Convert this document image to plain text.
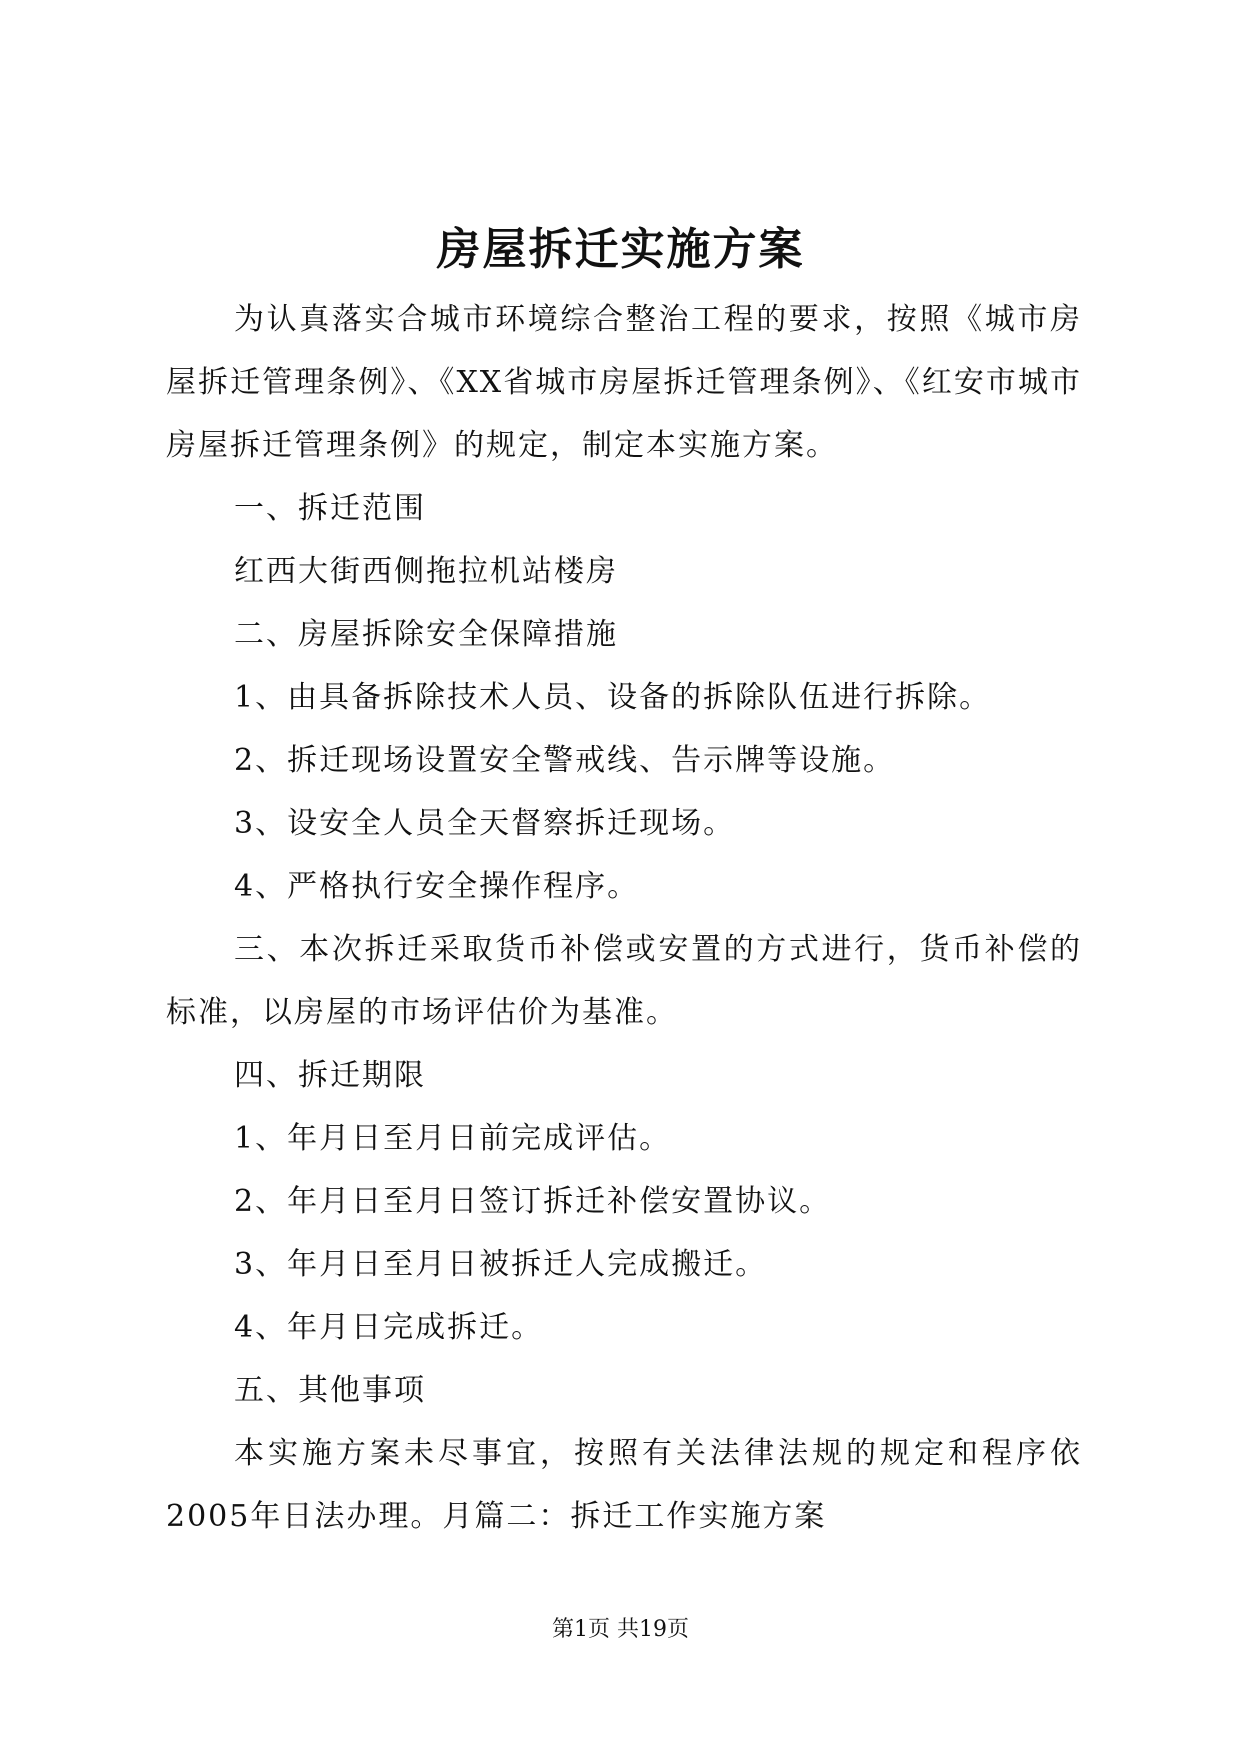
房屋拆迁实施方案

为认真落实合城市环境综合整治工程的要求，按照《城市房屋拆迁管理条例》、《XX省城市房屋拆迁管理条例》、《红安市城市房屋拆迁管理条例》的规定，制定本实施方案。

一、拆迁范围

红西大街西侧拖拉机站楼房

二、房屋拆除安全保障措施

1、由具备拆除技术人员、设备的拆除队伍进行拆除。

2、拆迁现场设置安全警戒线、告示牌等设施。

3、设安全人员全天督察拆迁现场。

4、严格执行安全操作程序。

三、本次拆迁采取货币补偿或安置的方式进行，货币补偿的标准，以房屋的市场评估价为基准。

四、拆迁期限

1、年月日至月日前完成评估。

2、年月日至月日签订拆迁补偿安置协议。

3、年月日至月日被拆迁人完成搬迁。

4、年月日完成拆迁。

五、其他事项

本实施方案未尽事宜，按照有关法律法规的规定和程序依2005年日法办理。月篇二：拆迁工作实施方案

第1页 共19页
